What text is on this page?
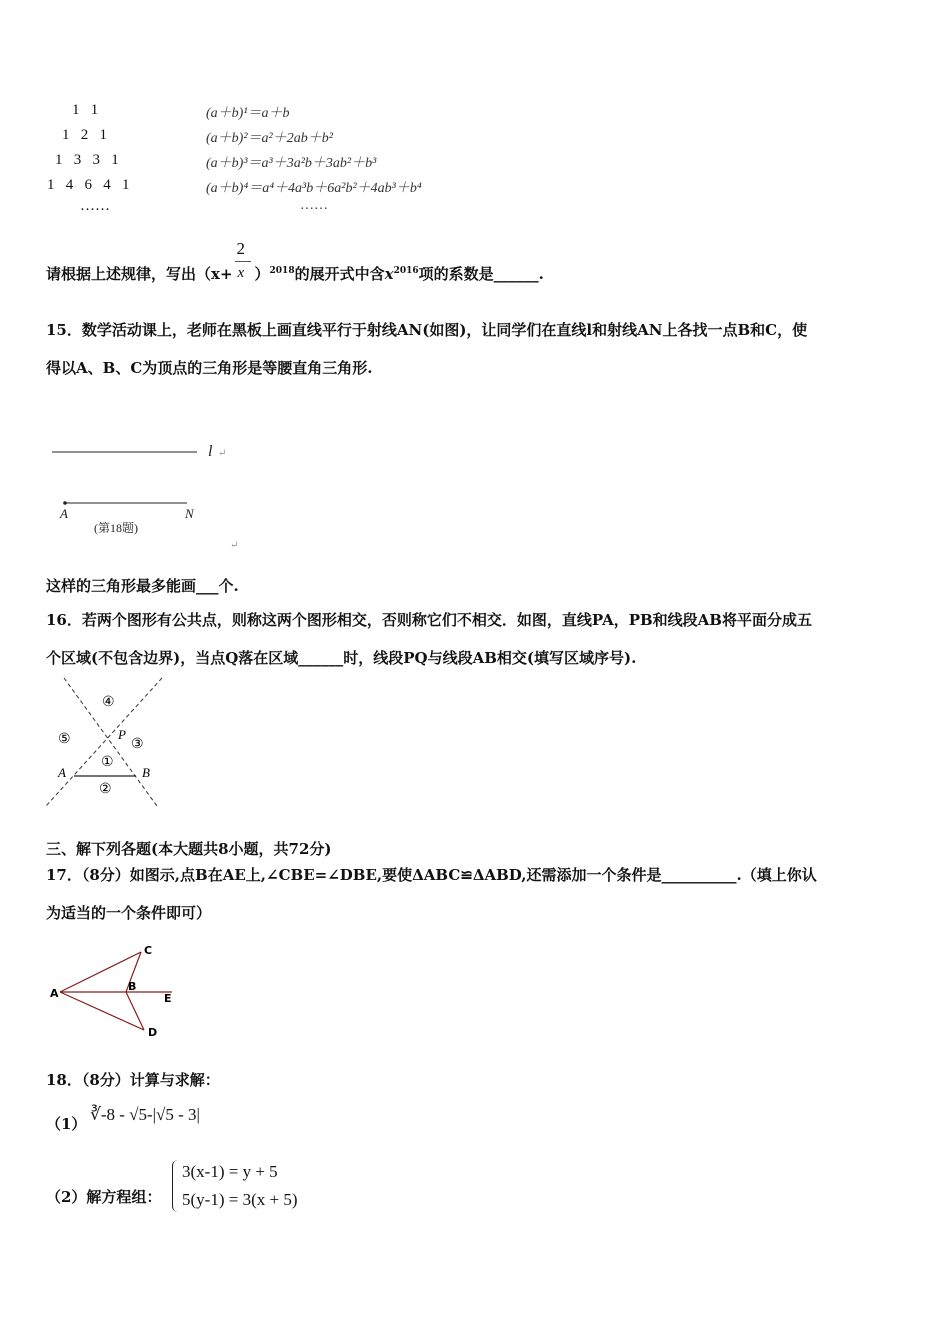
1   1
1   2   1
1   3   3   1
1   4   6   4   1
……
(a＋b)¹＝a＋b
(a＋b)²＝a²＋2ab＋b²
(a＋b)³＝a³＋3a²b＋3ab²＋b³
(a＋b)⁴＝a⁴＋4a³b＋6a²b²＋4ab³＋b⁴
……
请根据上述规律，写出$(x+ \frac{2}{x} )^{2018}$的展开式中含$x^{2016}$项的系数是______.
15．数学活动课上，老师在黑板上画直线平行于射线AN(如图)，让同学们在直线l和射线AN上各找一点B和C，使
得以A、B、C为顶点的三角形是等腰直角三角形.
l ↵
A	N
(第18题)
↵
这样的三角形最多能画___个.
16．若两个图形有公共点，则称这两个图形相交，否则称它们不相交．如图，直线PA，PB和线段AB将平面分成五
个区域(不包含边界)，当点Q落在区域______时，线段PQ与线段AB相交(填写区域序号).
④
⑤	③
①
②
P
A	B
三、解下列各题(本大题共8小题，共72分)
17．（8分）如图示,点B在AE上,∠CBE=∠DBE,要使ΔABC≌ΔABD,还需添加一个条件是__________.（填上你认
为适当的一个条件即可）
A
B
C
D
E
18．（8分）计算与求解：
（1） ∛-8 - √5-|√5 - 3|
（2）解方程组：
3(x-1) = y + 5
5(y-1) = 3(x + 5)
